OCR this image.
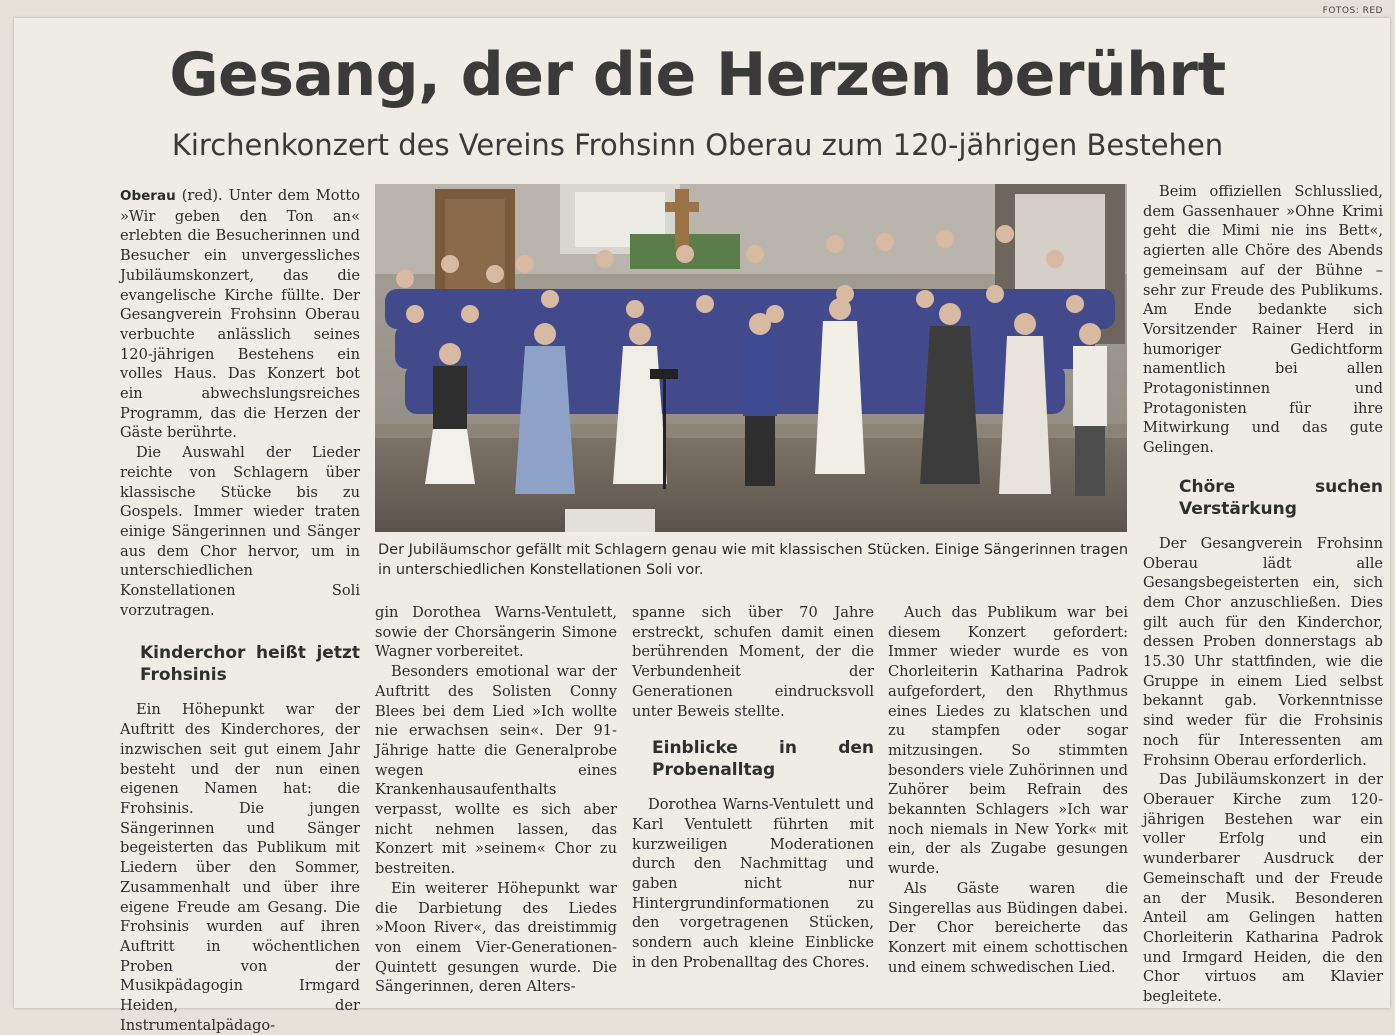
FOTOS: RED
Gesang, der die Herzen berührt
Kirchenkonzert des Vereins Frohsinn Oberau zum 120-jährigen Bestehen

Oberau (red). Unter dem Motto »Wir geben den Ton an« erlebten die Besucherinnen und Besucher ein unvergessliches Jubiläumskonzert, das die evangelische Kirche füllte. Der Gesangverein Frohsinn Oberau verbuchte anlässlich seines 120-jährigen Bestehens ein volles Haus. Das Konzert bot ein abwechslungsreiches Programm, das die Herzen der Gäste berührte.

Die Auswahl der Lieder reichte von Schlagern über klassische Stücke bis zu Gospels. Immer wieder traten einige Sängerinnen und Sänger aus dem Chor hervor, um in unterschiedlichen Konstellationen Soli vorzutragen.

Kinderchor heißt jetzt Frohsinis

Ein Höhepunkt war der Auftritt des Kinderchores, der inzwischen seit gut einem Jahr besteht und der nun einen eigenen Namen hat: die Frohsinis. Die jungen Sängerinnen und Sänger begeisterten das Publikum mit Liedern über den Sommer, Zusammenhalt und über ihre eigene Freude am Gesang. Die Frohsinis wurden auf ihren Auftritt in wöchentlichen Proben von der Musikpädagogin Irmgard Heiden, der Instrumentalpädago-

Der Jubiläumschor gefällt mit Schlagern genau wie mit klassischen Stücken. Einige Sängerinnen tragen in unterschiedlichen Konstellationen Soli vor.

gin Dorothea Warns-Ventulett, sowie der Chorsängerin Simone Wagner vorbereitet.

Besonders emotional war der Auftritt des Solisten Conny Blees bei dem Lied »Ich wollte nie erwachsen sein«. Der 91-Jährige hatte die Generalprobe wegen eines Krankenhausaufenthalts verpasst, wollte es sich aber nicht nehmen lassen, das Konzert mit »seinem« Chor zu bestreiten.

Ein weiterer Höhepunkt war die Darbietung des Liedes »Moon River«, das dreistimmig von einem Vier-Generationen-Quintett gesungen wurde. Die Sängerinnen, deren Alters-

spanne sich über 70 Jahre erstreckt, schufen damit einen berührenden Moment, der die Verbundenheit der Generationen eindrucksvoll unter Beweis stellte.

Einblicke in den Probenalltag

Dorothea Warns-Ventulett und Karl Ventulett führten mit kurzweiligen Moderationen durch den Nachmittag und gaben nicht nur Hintergrundinformationen zu den vorgetragenen Stücken, sondern auch kleine Einblicke in den Probenalltag des Chores.

Auch das Publikum war bei diesem Konzert gefordert: Immer wieder wurde es von Chorleiterin Katharina Padrok aufgefordert, den Rhythmus eines Liedes zu klatschen und zu stampfen oder sogar mitzusingen. So stimmten besonders viele Zuhörinnen und Zuhörer beim Refrain des bekannten Schlagers »Ich war noch niemals in New York« mit ein, der als Zugabe gesungen wurde.

Als Gäste waren die Singerellas aus Büdingen dabei. Der Chor bereicherte das Konzert mit einem schottischen und einem schwedischen Lied.

Beim offiziellen Schlusslied, dem Gassenhauer »Ohne Krimi geht die Mimi nie ins Bett«, agierten alle Chöre des Abends gemeinsam auf der Bühne – sehr zur Freude des Publikums. Am Ende bedankte sich Vorsitzender Rainer Herd in humoriger Gedichtform namentlich bei allen Protagonistinnen und Protagonisten für ihre Mitwirkung und das gute Gelingen.

Chöre suchen Verstärkung

Der Gesangverein Frohsinn Oberau lädt alle Gesangsbegeisterten ein, sich dem Chor anzuschließen. Dies gilt auch für den Kinderchor, dessen Proben donnerstags ab 15.30 Uhr stattfinden, wie die Gruppe in einem Lied selbst bekannt gab. Vorkenntnisse sind weder für die Frohsinis noch für Interessenten am Frohsinn Oberau erforderlich.

Das Jubiläumskonzert in der Oberauer Kirche zum 120-jährigen Bestehen war ein voller Erfolg und ein wunderbarer Ausdruck der Gemeinschaft und der Freude an der Musik. Besonderen Anteil am Gelingen hatten Chorleiterin Katharina Padrok und Irmgard Heiden, die den Chor virtuos am Klavier begleitete.
